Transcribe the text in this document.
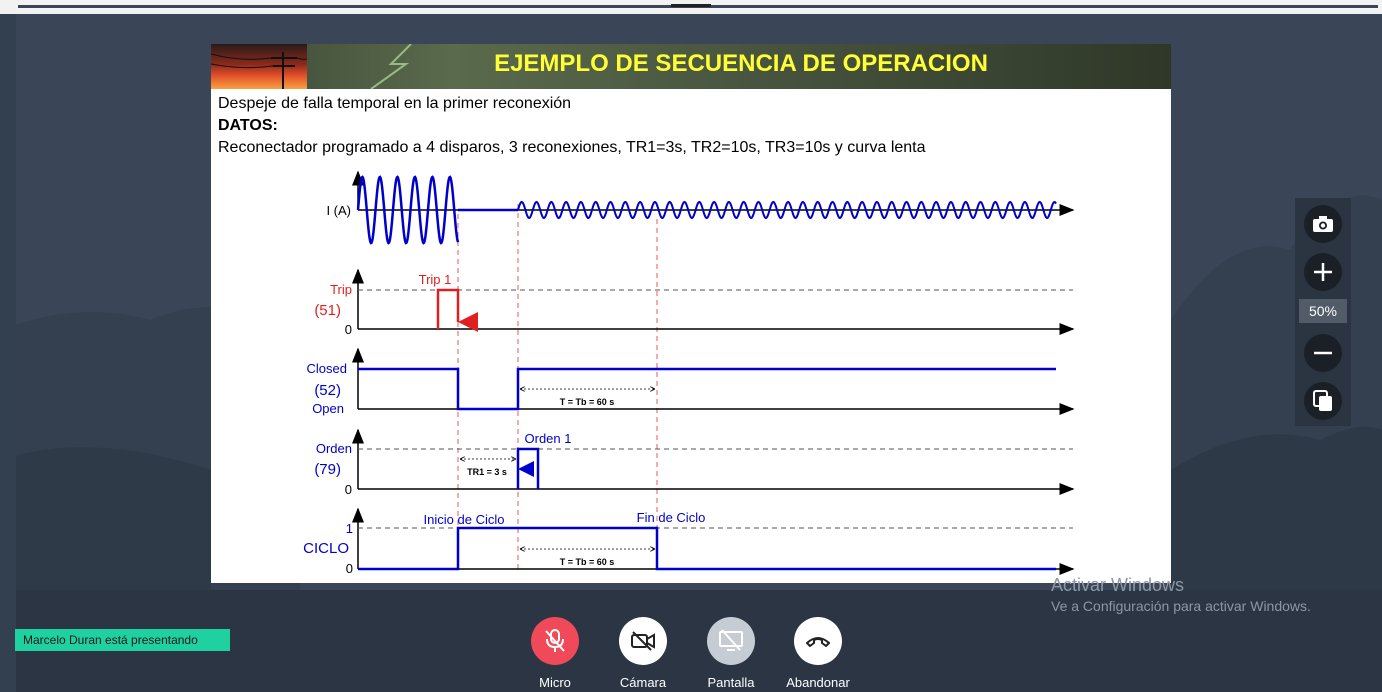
EJEMPLO DE SECUENCIA DE OPERACION
Despeje de falla temporal en la primer reconexión
DATOS:
Reconectador programado a 4 disparos, 3 reconexiones, TR1=3s, TR2=10s, TR3=10s y curva lenta
I (A)
Trip
(51)
0
Trip 1
Closed
(52)
Open	T = Tb = 60 s
Orden
(79)
0
Orden 1
TR1 = 3 s
1
CICLO
0
Inicio de Ciclo	Fin de Ciclo
T = Tb = 60 s
Activar Windows
Ve a Configuración para activar Windows.
50%
Marcelo Duran está presentando
Micro	Cámara	Pantalla	Abandonar
